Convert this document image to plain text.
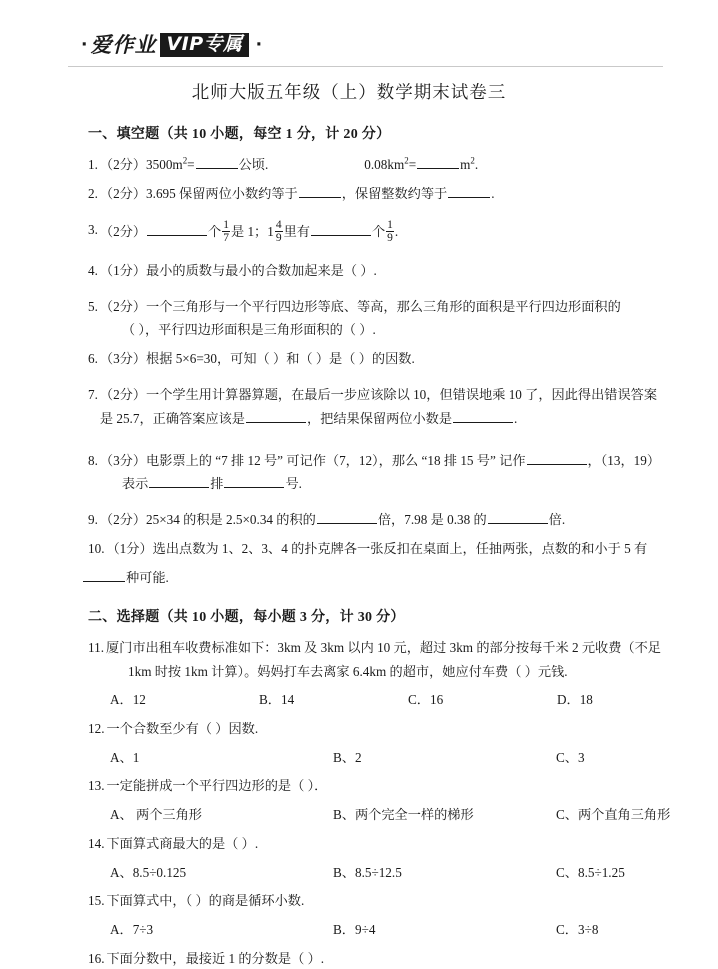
· 爱作业 VIP专属 ·
北师大版五年级（上）数学期末试卷三
一、填空题（共 10 小题，每空 1 分，计 20 分）
1. （2分）$3500m^2=$	公顷.	$0.08km^2=$	$m^2$.
2. （2分）3.695 保留两位小数约等于	，保留整数约等于	.
3. （2分）	个 $\frac{1}{7}$ 是 1；$1 \frac{4}{9}$ 里有	个 $\frac{1}{9}$ .
4. （1分）最小的质数与最小的合数加起来是（ ）.
5. （2分）一个三角形与一个平行四边形等底、等高，那么三角形的面积是平行四边形面积的
（ ），平行四边形面积是三角形面积的（ ）.
6. （3分）根据 5×6=30，可知（ ）和（ ）是（ ）的因数.
7. （2分）一个学生用计算器算题，在最后一步应该除以 10，但错误地乘 10 了，因此得出错误答案
是 25.7，正确答案应该是	，把结果保留两位小数是	.
8. （3分）电影票上的 “7 排 12 号” 可记作（7，12），那么 “18 排 15 号” 记作	，（13，19）
表示	排	号.
9. （2分）25×34 的积是 2.5×0.34 的积的	倍，7.98 是 0.38 的	倍.
10. （1分）选出点数为 1、2、3、4 的扑克牌各一张反扣在桌面上，任抽两张，点数的和小于 5 有
种可能.
二、选择题（共 10 小题，每小题 3 分，计 30 分）
11. 厦门市出租车收费标准如下：3km 及 3km 以内 10 元，超过 3km 的部分按每千米 2 元收费（不足
1km 时按 1km 计算）。妈妈打车去离家 6.4km 的超市，她应付车费（ ）元钱.
A．12	B．14	C．16	D．18
12. 一个合数至少有（ ）因数.
A、1	B、2	C、3
13. 一定能拼成一个平行四边形的是（ ）．
A、 两个三角形	B、两个完全一样的梯形	C、两个直角三角形
14. 下面算式商最大的是（ ）.
A、8.5÷0.125	B、8.5÷12.5	C、8.5÷1.25
15. 下面算式中，（ ）的商是循环小数.
A．7÷3	B．9÷4	C．3÷8
16. 下面分数中，最接近 1 的分数是（ ）.
